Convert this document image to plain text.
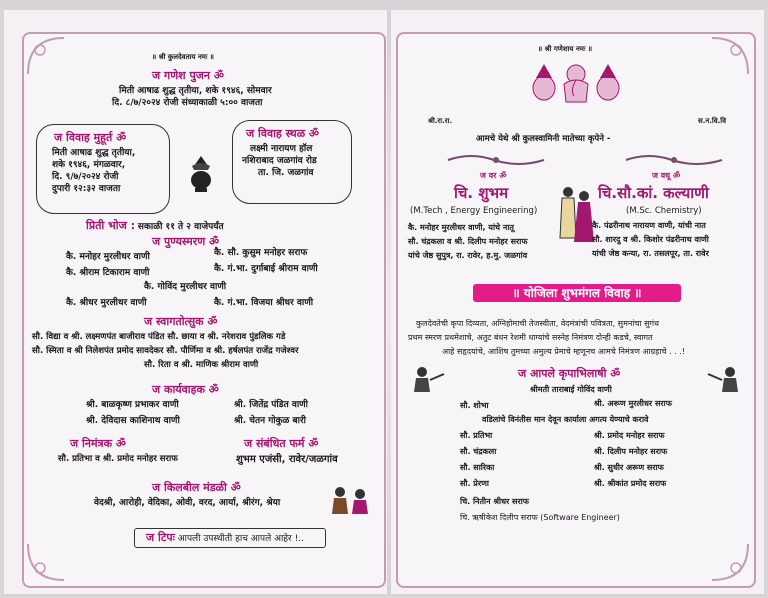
॥ श्री कुलदेवताय नमः ॥
ज गणेश पुजन ॐ
मिती आषाढ शुद्ध तृतीया, शके १९४६, सोमवार
दि. ८/७/२०२४ रोजी संध्याकाळी ५:०० वाजता
ज विवाह मुहूर्त ॐ
मिती आषाढ शुद्ध तृतीया,
शके १९४६, मंगळवार,
दि. ९/७/२०२४ रोजी
दुपारी १२:३२ वाजता
ज विवाह स्थळ ॐ
लक्ष्मी नारायण हॉल
नशिराबाद जळगांव रोड
ता. जि. जळगांव
प्रिती भोज : सकाळी ११ ते २ वाजेपर्यंत
ज पुण्यस्मरण ॐ
कै. मनोहर मुरलीधर वाणी	कै. सौ. कुसुम मनोहर सराफ
कै. श्रीराम टिकाराम वाणी	कै. गं.भा. दुर्गाबाई श्रीराम वाणी
कै. गोविंद मुरलीधर वाणी
कै. श्रीधर मुरलीधर वाणी	कै. गं.भा. विजया श्रीधर वाणी
ज स्वागतोत्सुक ॐ
सौ. विद्या व श्री. लक्ष्मणपंत बाजीराव पंडित सौ. छाया व श्री. नरेशराव पुंडलिक गडे
सौ. स्मिता व श्री निलेशपंत प्रमोद सावदेकर सौ. पौर्णिमा व श्री. हर्षलपंत राजेंद्र गजेश्वर
सौ. रिता व श्री. माणिक श्रीराम वाणी
ज कार्यवाहक ॐ
श्री. बाळकृष्ण प्रभाकर वाणी	श्री. जितेंद्र पंडित वाणी
श्री. देविदास काशिनाथ वाणी	श्री. चेतन गोकुळ बारी
ज निमंत्रक ॐ
सौ. प्रतिभा व श्री. प्रमोद मनोहर सराफ
ज संबंधित फर्म ॐ
शुभम एजंसी, रावेर/जळगांव
ज किलबील मंडळी ॐ
वेदश्री, आरोही, वेदिका, ओवी, वरद, आर्या, श्रीरंग, श्रेया
ज टिपः आपली उपस्थीती हाच आपले आहेर !..
॥ श्री गणेशाय नमः ॥
श्री.रा.रा.	स.न.वि.वि
आमचे येथे श्री कुलस्वामिनी मातेच्या कृपेने -
ज वर ॐ	ज वधू ॐ
चि. शुभम	चि.सौ.कां. कल्याणी
(M.Tech , Energy Engineering)	(M.Sc. Chemistry)
कै. मनोहर मुरलीधर वाणी, यांचे नातू
सौ. चंद्रकला व श्री. दिलीप मनोहर सराफ
यांचे जेष्ठ सुपुत्र, रा. रावेर, ह.मु. जळगांव
कै. पंढरीनाथ नारायण वाणी, यांची नात
सौ. शारदु व श्री. किशोर पंढरीनाथ वाणी
यांची जेष्ठ कन्या, रा. तसलपूर, ता. रावेर
॥ योजिला शुभमंगल विवाह ॥
कुलदेवतेची कृपा दिव्यता, अग्निहोमाची तेजस्वीता, वेदमंत्रांची पवित्रता, सुमनांचा सुगंध
प्रथम स्मरण प्रथमेशाचे, अतुट बंधन रेशमी धाग्यांचे सस्नेह निमंत्रण दोन्ही कडचे, स्वागत
आहे सहृदयांचे, आशिष तुमच्या अमुल्य प्रेमाचे म्हणूनच आमचे निमंत्रण आग्रहाचे . . .!
ज आपले कृपाभिलाषी ॐ
श्रीमती ताराबाई गोविंद वाणी
सौ. शोभा	श्री. अरूण मुरलीधर सराफ
वडिलांचे विनंतीस मान देवून कार्याला अगत्य येण्याचे करावे
सौ. प्रतिभा	श्री. प्रमोद मनोहर सराफ
सौ. चंद्रकला	श्री. दिलीप मनोहर सराफ
सौ. सारिका	श्री. सुधीर अरूण सराफ
सौ. प्रेरणा	श्री. श्रीकांत प्रमोद सराफ
चि. नितीन श्रीधर सराफ
चि. ऋषीकेश दिलीप सराफ (Software Engineer)
